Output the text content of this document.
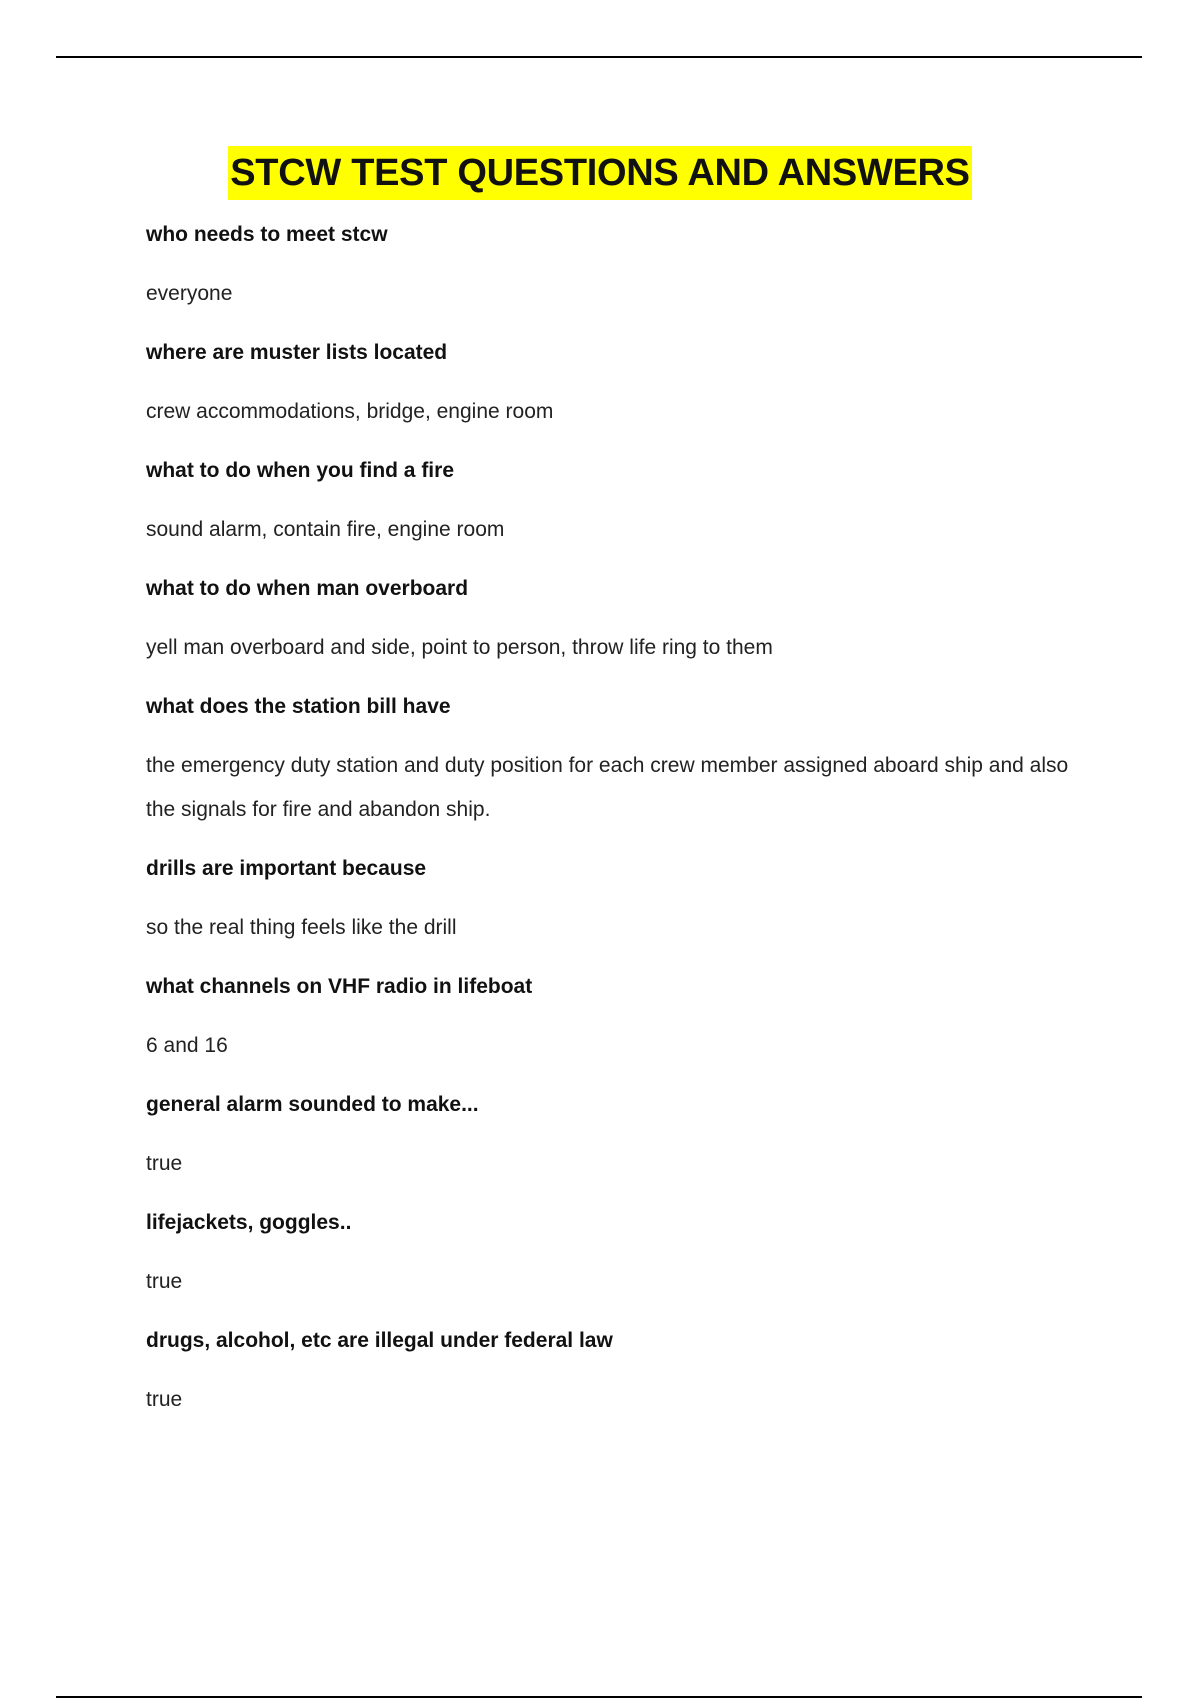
STCW TEST QUESTIONS AND ANSWERS

who needs to meet stcw

everyone

where are muster lists located

crew accommodations, bridge, engine room

what to do when you find a fire

sound alarm, contain fire, engine room

what to do when man overboard

yell man overboard and side, point to person, throw life ring to them

what does the station bill have

the emergency duty station and duty position for each crew member assigned aboard ship and also the signals for fire and abandon ship.

drills are important because

so the real thing feels like the drill

what channels on VHF radio in lifeboat

6 and 16

general alarm sounded to make...

true

lifejackets, goggles..

true

drugs, alcohol, etc are illegal under federal law

true
